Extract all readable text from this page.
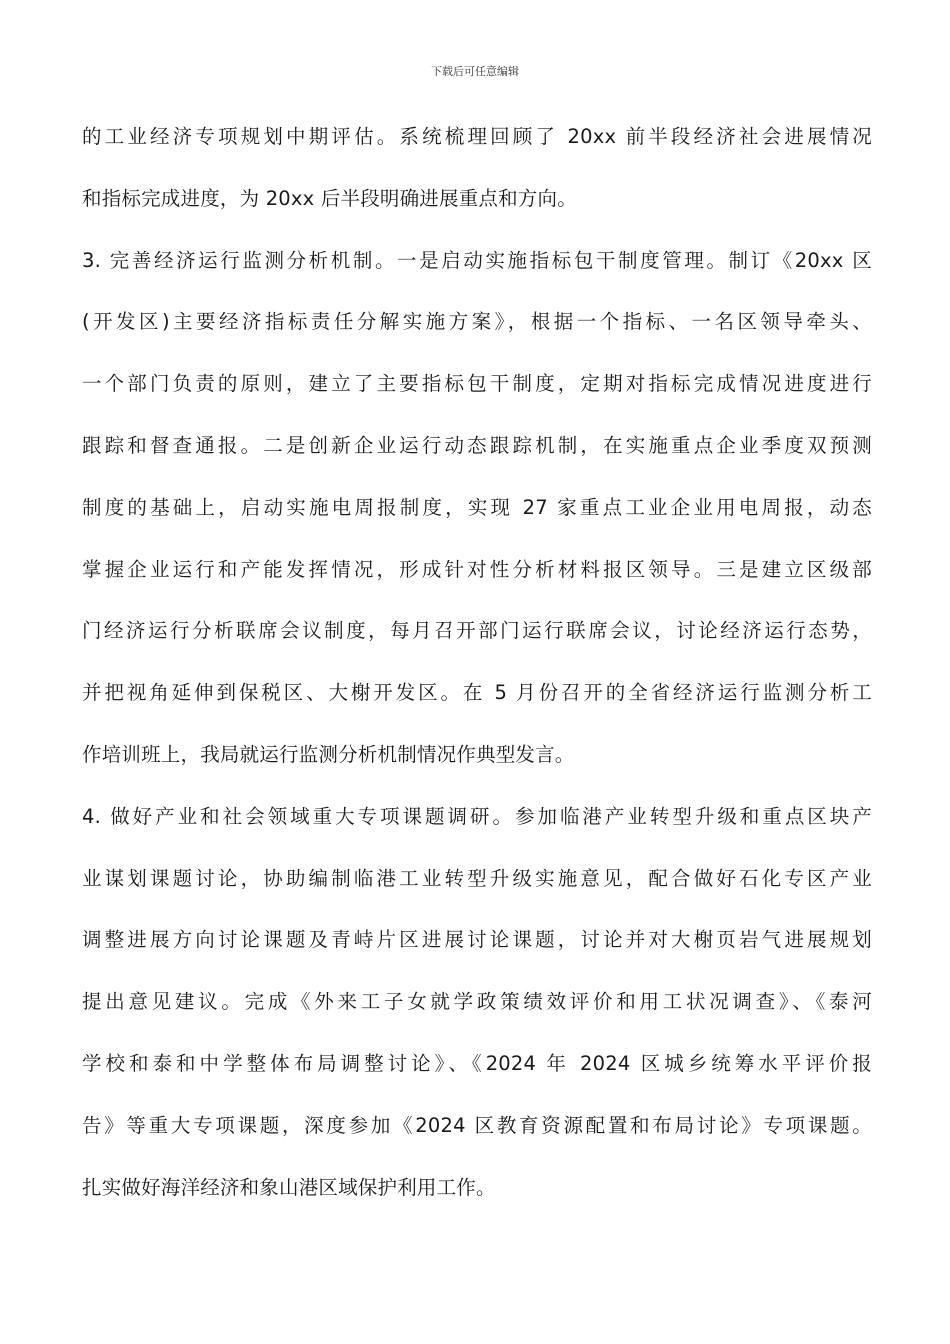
下载后可任意编辑
的工业经济专项规划中期评估。系统梳理回顾了 20xx 前半段经济社会进展情况
和指标完成进度，为 20xx 后半段明确进展重点和方向。
3. 完善经济运行监测分析机制。一是启动实施指标包干制度管理。制订《20xx 区
(开发区)主要经济指标责任分解实施方案》，根据一个指标、一名区领导牵头、
一个部门负责的原则，建立了主要指标包干制度，定期对指标完成情况进度进行
跟踪和督查通报。二是创新企业运行动态跟踪机制，在实施重点企业季度双预测
制度的基础上，启动实施电周报制度，实现 27 家重点工业企业用电周报，动态
掌握企业运行和产能发挥情况，形成针对性分析材料报区领导。三是建立区级部
门经济运行分析联席会议制度，每月召开部门运行联席会议，讨论经济运行态势，
并把视角延伸到保税区、大榭开发区。在 5 月份召开的全省经济运行监测分析工
作培训班上，我局就运行监测分析机制情况作典型发言。
4. 做好产业和社会领域重大专项课题调研。参加临港产业转型升级和重点区块产
业谋划课题讨论，协助编制临港工业转型升级实施意见，配合做好石化专区产业
调整进展方向讨论课题及青峙片区进展讨论课题，讨论并对大榭页岩气进展规划
提出意见建议。完成《外来工子女就学政策绩效评价和用工状况调查》、《泰河
学校和泰和中学整体布局调整讨论》、《2024 年 2024 区城乡统筹水平评价报
告》等重大专项课题，深度参加《2024 区教育资源配置和布局讨论》专项课题。
扎实做好海洋经济和象山港区域保护利用工作。
